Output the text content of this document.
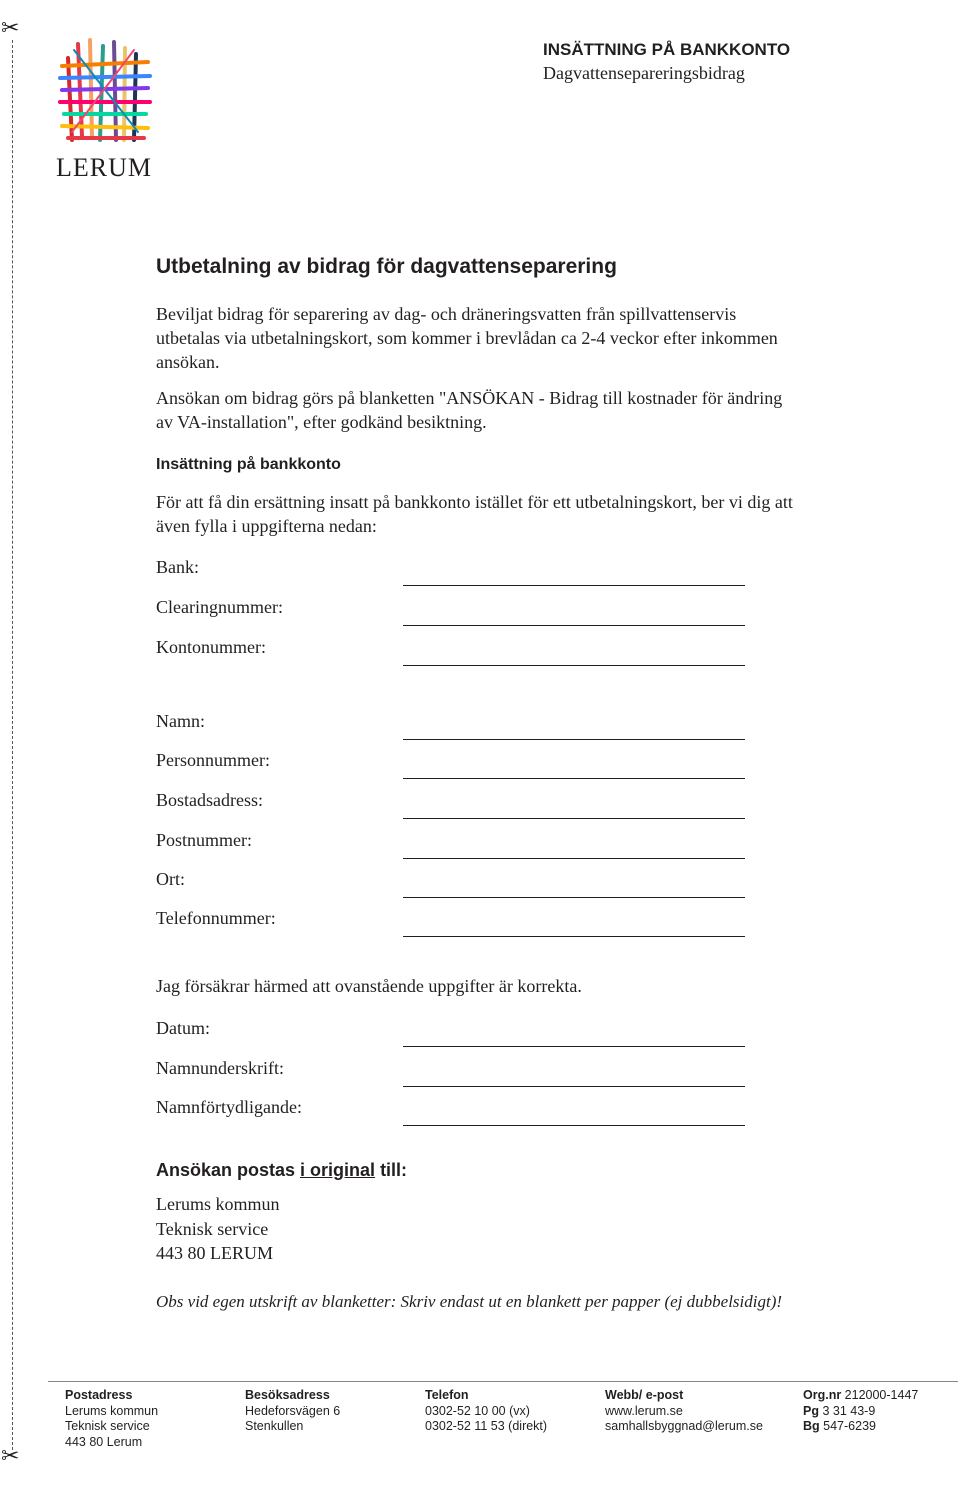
✂
✂
LERUM
INSÄTTNING PÅ BANKKONTO
Dagvattensepareringsbidrag
Utbetalning av bidrag för dagvattenseparering
Beviljat bidrag för separering av dag- och dräneringsvatten från spillvattenservis
utbetalas via utbetalningskort, som kommer i brevlådan ca 2-4 veckor efter inkommen
ansökan.
Ansökan om bidrag görs på blanketten "ANSÖKAN - Bidrag till kostnader för ändring
av VA-installation", efter godkänd besiktning.
Insättning på bankkonto
För att få din ersättning insatt på bankkonto istället för ett utbetalningskort, ber vi dig att
även fylla i uppgifterna nedan:
Bank:
Clearingnummer:
Kontonummer:
Namn:
Personnummer:
Bostadsadress:
Postnummer:
Ort:
Telefonnummer:
Jag försäkrar härmed att ovanstående uppgifter är korrekta.
Datum:
Namnunderskrift:
Namnförtydligande:
Ansökan postas i original till:
Lerums kommun
Teknisk service
443 80 LERUM
Obs vid egen utskrift av blanketter: Skriv endast ut en blankett per papper (ej dubbelsidigt)!
Postadress
Lerums kommun
Teknisk service
443 80 Lerum
Besöksadress
Hedeforsvägen 6
Stenkullen
Telefon
0302-52 10 00 (vx)
0302-52 11 53 (direkt)
Webb/ e-post
www.lerum.se
samhallsbyggnad@lerum.se
Org.nr 212000-1447
Pg 3 31 43-9
Bg 547-6239
